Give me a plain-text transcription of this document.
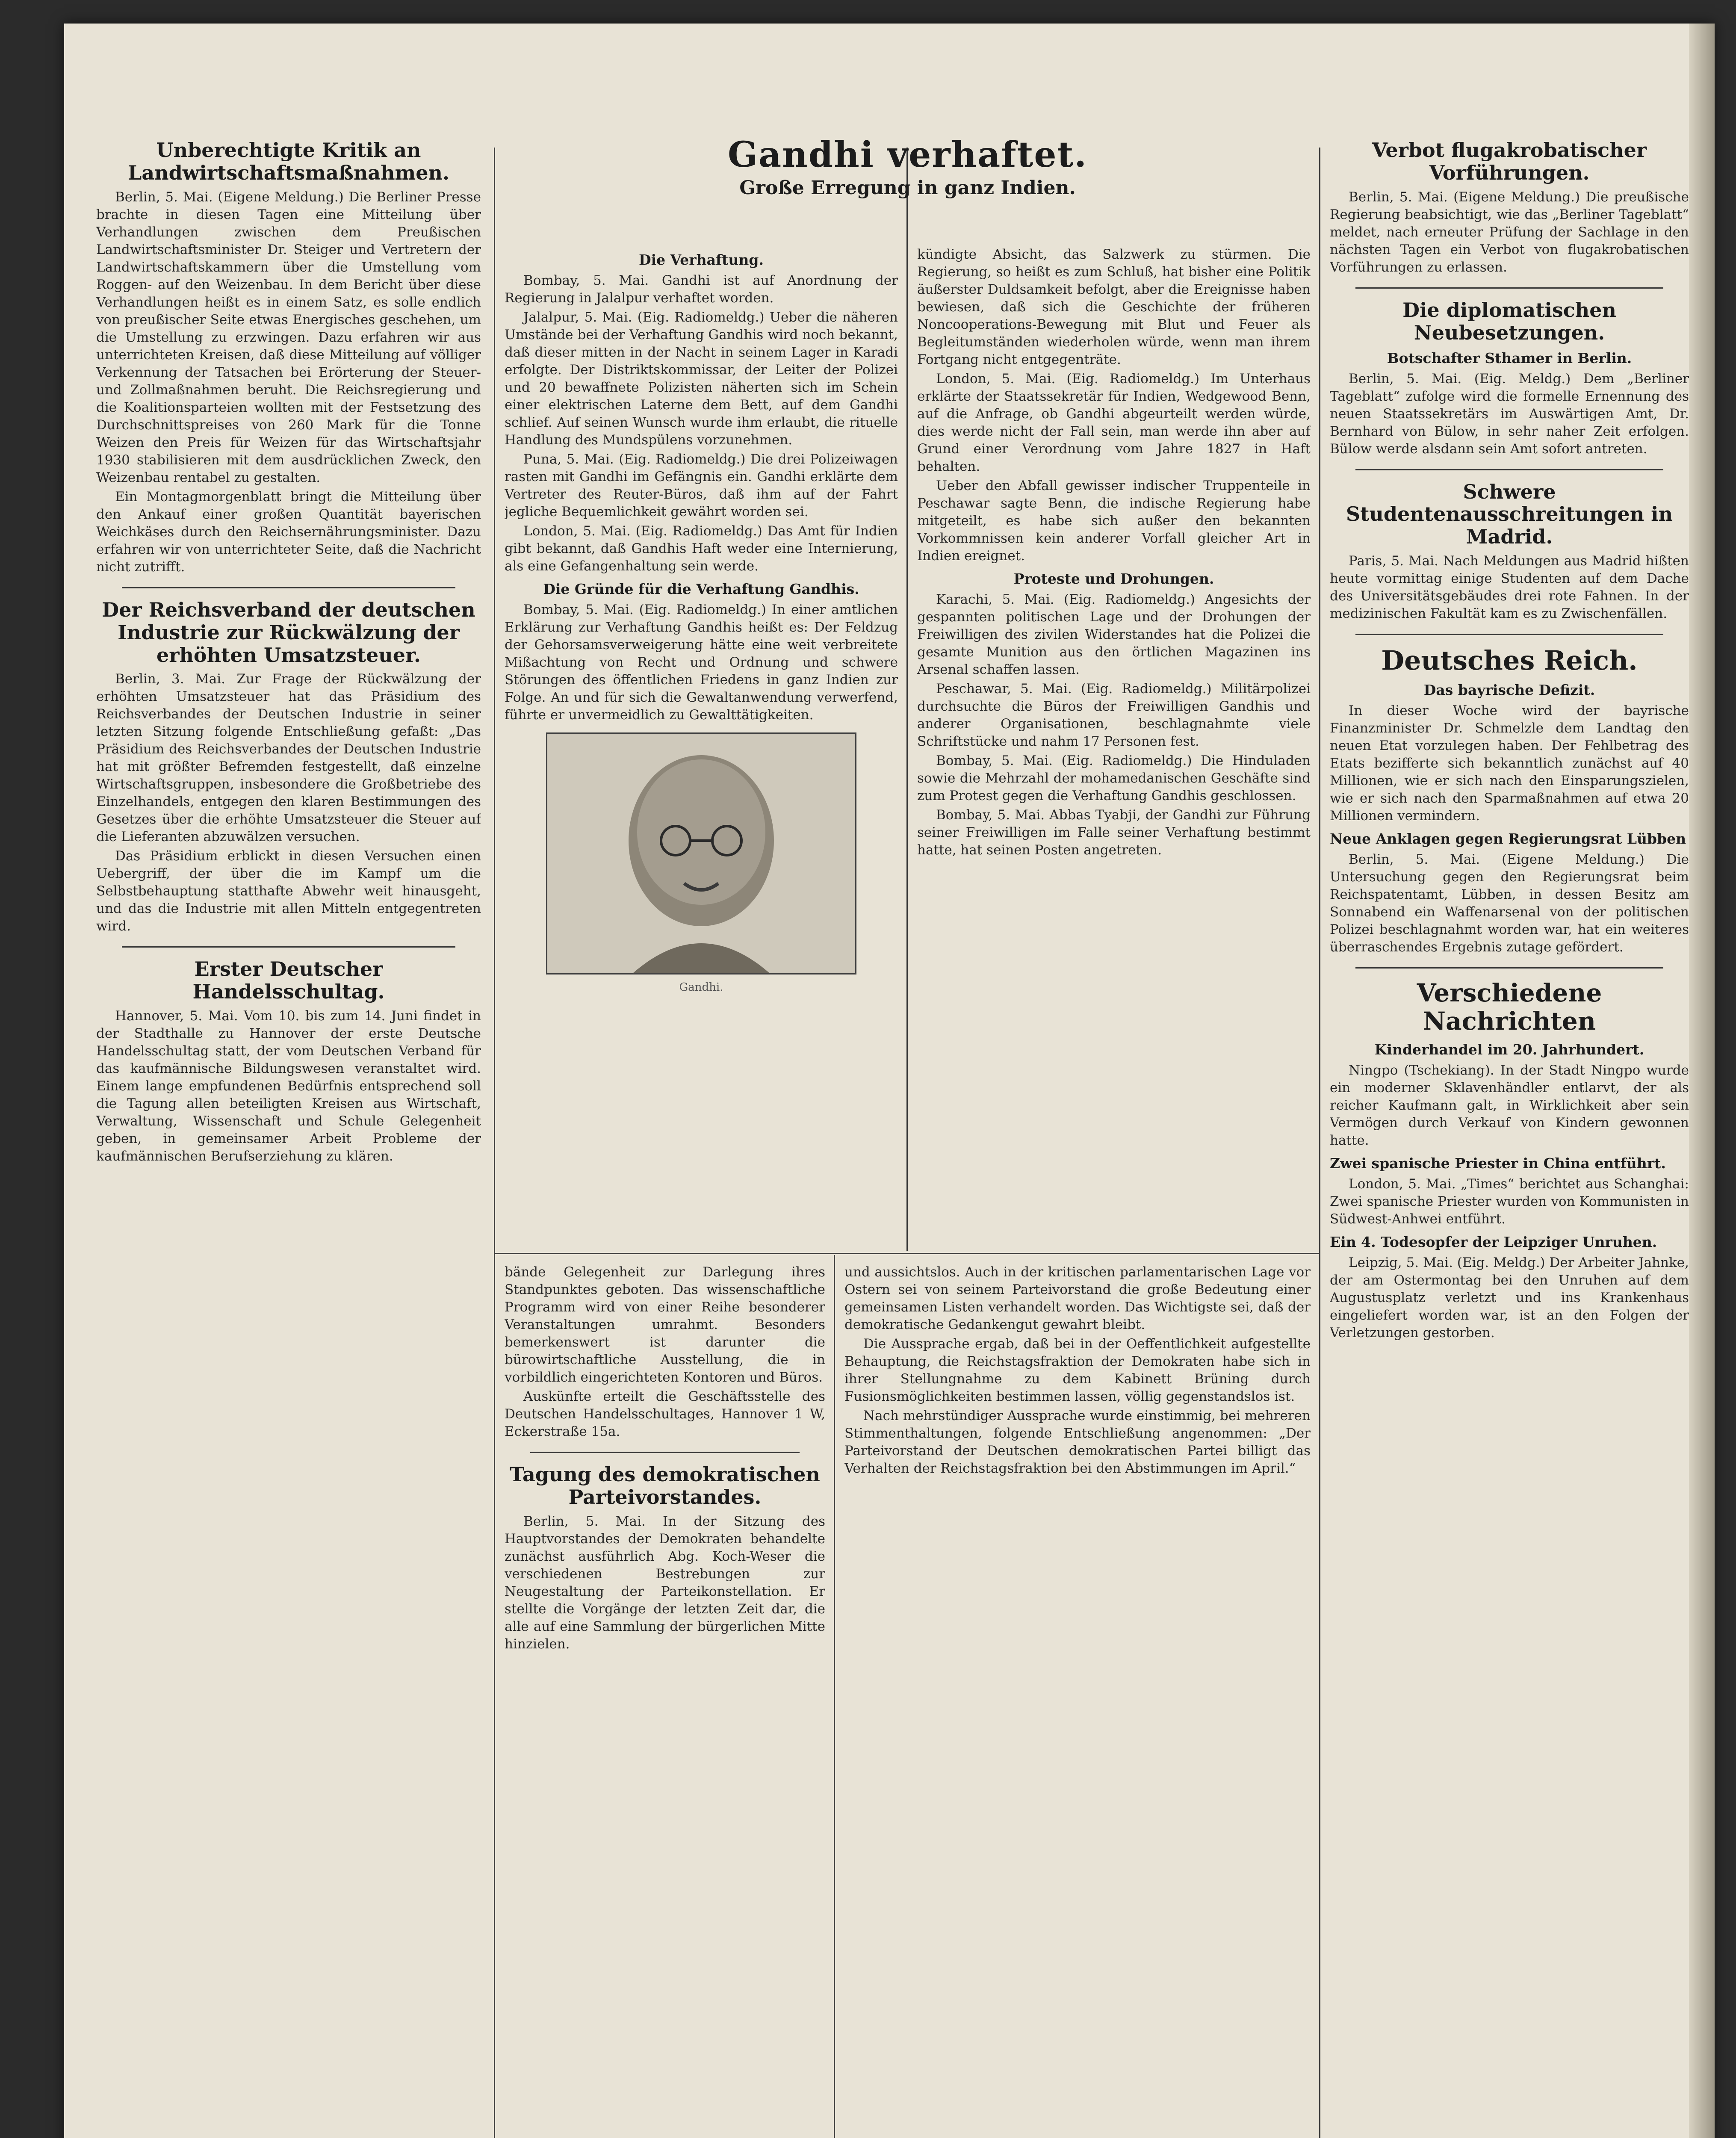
Gandhi verhaftet.
Große Erregung in ganz Indien.
Unberechtigte Kritik an Landwirtschaftsmaßnahmen.

Berlin, 5. Mai. (Eigene Meldung.) Die Berliner Presse brachte in diesen Tagen eine Mitteilung über Verhandlungen zwischen dem Preußischen Landwirtschaftsminister Dr. Steiger und Vertretern der Landwirtschaftskammern über die Umstellung vom Roggen- auf den Weizenbau. In dem Bericht über diese Verhandlungen heißt es in einem Satz, es solle endlich von preußischer Seite etwas Energisches geschehen, um die Umstellung zu erzwingen. Dazu erfahren wir aus unterrichteten Kreisen, daß diese Mitteilung auf völliger Verkennung der Tatsachen bei Erörterung der Steuer- und Zollmaßnahmen beruht. Die Reichsregierung und die Koalitionsparteien wollten mit der Festsetzung des Durchschnittspreises von 260 Mark für die Tonne Weizen den Preis für Weizen für das Wirtschaftsjahr 1930 stabilisieren mit dem ausdrücklichen Zweck, den Weizenbau rentabel zu gestalten.

Ein Montagmorgenblatt bringt die Mitteilung über den Ankauf einer großen Quantität bayerischen Weichkäses durch den Reichsernährungsminister. Dazu erfahren wir von unterrichteter Seite, daß die Nachricht nicht zutrifft.

Der Reichsverband der deutschen Industrie zur Rückwälzung der erhöhten Umsatzsteuer.

Berlin, 3. Mai. Zur Frage der Rückwälzung der erhöhten Umsatzsteuer hat das Präsidium des Reichsverbandes der Deutschen Industrie in seiner letzten Sitzung folgende Entschließung gefaßt: „Das Präsidium des Reichsverbandes der Deutschen Industrie hat mit größter Befremden festgestellt, daß einzelne Wirtschaftsgruppen, insbesondere die Großbetriebe des Einzelhandels, entgegen den klaren Bestimmungen des Gesetzes über die erhöhte Umsatzsteuer die Steuer auf die Lieferanten abzuwälzen versuchen.

Das Präsidium erblickt in diesen Versuchen einen Uebergriff, der über die im Kampf um die Selbstbehauptung statthafte Abwehr weit hinausgeht, und das die Industrie mit allen Mitteln entgegentreten wird.

Erster Deutscher Handelsschultag.

Hannover, 5. Mai. Vom 10. bis zum 14. Juni findet in der Stadthalle zu Hannover der erste Deutsche Handelsschultag statt, der vom Deutschen Verband für das kaufmännische Bildungswesen veranstaltet wird. Einem lange empfundenen Bedürfnis entsprechend soll die Tagung allen beteiligten Kreisen aus Wirtschaft, Verwaltung, Wissenschaft und Schule Gelegenheit geben, in gemeinsamer Arbeit Probleme der kaufmännischen Berufserziehung zu klären.

Die Verhaftung.

Bombay, 5. Mai. Gandhi ist auf Anordnung der Regierung in Jalalpur verhaftet worden.

Jalalpur, 5. Mai. (Eig. Radiomeldg.) Ueber die näheren Umstände bei der Verhaftung Gandhis wird noch bekannt, daß dieser mitten in der Nacht in seinem Lager in Karadi erfolgte. Der Distriktskommissar, der Leiter der Polizei und 20 bewaffnete Polizisten näherten sich im Schein einer elektrischen Laterne dem Bett, auf dem Gandhi schlief. Auf seinen Wunsch wurde ihm erlaubt, die rituelle Handlung des Mundspülens vorzunehmen.

Puna, 5. Mai. (Eig. Radiomeldg.) Die drei Polizeiwagen rasten mit Gandhi im Gefängnis ein. Gandhi erklärte dem Vertreter des Reuter-Büros, daß ihm auf der Fahrt jegliche Bequemlichkeit gewährt worden sei.

London, 5. Mai. (Eig. Radiomeldg.) Das Amt für Indien gibt bekannt, daß Gandhis Haft weder eine Internierung, als eine Gefangenhaltung sein werde.

Die Gründe für die Verhaftung Gandhis.

Bombay, 5. Mai. (Eig. Radiomeldg.) In einer amtlichen Erklärung zur Verhaftung Gandhis heißt es: Der Feldzug der Gehorsamsverweigerung hätte eine weit verbreitete Mißachtung von Recht und Ordnung und schwere Störungen des öffentlichen Friedens in ganz Indien zur Folge. An und für sich die Gewaltanwendung verwerfend, führte er unvermeidlich zu Gewalttätigkeiten.

Gandhi.

kündigte Absicht, das Salzwerk zu stürmen. Die Regierung, so heißt es zum Schluß, hat bisher eine Politik äußerster Duldsamkeit befolgt, aber die Ereignisse haben bewiesen, daß sich die Geschichte der früheren Noncooperations-Bewegung mit Blut und Feuer als Begleitumständen wiederholen würde, wenn man ihrem Fortgang nicht entgegenträte.

London, 5. Mai. (Eig. Radiomeldg.) Im Unterhaus erklärte der Staatssekretär für Indien, Wedgewood Benn, auf die Anfrage, ob Gandhi abgeurteilt werden würde, dies werde nicht der Fall sein, man werde ihn aber auf Grund einer Verordnung vom Jahre 1827 in Haft behalten.

Ueber den Abfall gewisser indischer Truppenteile in Peschawar sagte Benn, die indische Regierung habe mitgeteilt, es habe sich außer den bekannten Vorkommnissen kein anderer Vorfall gleicher Art in Indien ereignet.

Proteste und Drohungen.

Karachi, 5. Mai. (Eig. Radiomeldg.) Angesichts der gespannten politischen Lage und der Drohungen der Freiwilligen des zivilen Widerstandes hat die Polizei die gesamte Munition aus den örtlichen Magazinen ins Arsenal schaffen lassen.

Peschawar, 5. Mai. (Eig. Radiomeldg.) Militärpolizei durchsuchte die Büros der Freiwilligen Gandhis und anderer Organisationen, beschlagnahmte viele Schriftstücke und nahm 17 Personen fest.

Bombay, 5. Mai. (Eig. Radiomeldg.) Die Hinduladen sowie die Mehrzahl der mohamedanischen Geschäfte sind zum Protest gegen die Verhaftung Gandhis geschlossen.

Bombay, 5. Mai. Abbas Tyabji, der Gandhi zur Führung seiner Freiwilligen im Falle seiner Verhaftung bestimmt hatte, hat seinen Posten angetreten.

bände Gelegenheit zur Darlegung ihres Standpunktes geboten. Das wissenschaftliche Programm wird von einer Reihe besonderer Veranstaltungen umrahmt. Besonders bemerkenswert ist darunter die bürowirtschaftliche Ausstellung, die in vorbildlich eingerichteten Kontoren und Büros.

Auskünfte erteilt die Geschäftsstelle des Deutschen Handelsschultages, Hannover 1 W, Eckerstraße 15a.

Tagung des demokratischen Parteivorstandes.

Berlin, 5. Mai. In der Sitzung des Hauptvorstandes der Demokraten behandelte zunächst ausführlich Abg. Koch-Weser die verschiedenen Bestrebungen zur Neugestaltung der Parteikonstellation. Er stellte die Vorgänge der letzten Zeit dar, die alle auf eine Sammlung der bürgerlichen Mitte hinzielen.

und aussichtslos. Auch in der kritischen parlamentarischen Lage vor Ostern sei von seinem Parteivorstand die große Bedeutung einer gemeinsamen Listen verhandelt worden. Das Wichtigste sei, daß der demokratische Gedankengut gewahrt bleibt.

Die Aussprache ergab, daß bei in der Oeffentlichkeit aufgestellte Behauptung, die Reichstagsfraktion der Demokraten habe sich in ihrer Stellungnahme zu dem Kabinett Brüning durch Fusionsmöglichkeiten bestimmen lassen, völlig gegenstandslos ist.

Nach mehrstündiger Aussprache wurde einstimmig, bei mehreren Stimmenthaltungen, folgende Entschließung angenommen: „Der Parteivorstand der Deutschen demokratischen Partei billigt das Verhalten der Reichstagsfraktion bei den Abstimmungen im April.“

Verbot flugakrobatischer Vorführungen.

Berlin, 5. Mai. (Eigene Meldung.) Die preußische Regierung beabsichtigt, wie das „Berliner Tageblatt“ meldet, nach erneuter Prüfung der Sachlage in den nächsten Tagen ein Verbot von flugakrobatischen Vorführungen zu erlassen.

Die diplomatischen Neubesetzungen.
Botschafter Sthamer in Berlin.

Berlin, 5. Mai. (Eig. Meldg.) Dem „Berliner Tageblatt“ zufolge wird die formelle Ernennung des neuen Staatssekretärs im Auswärtigen Amt, Dr. Bernhard von Bülow, in sehr naher Zeit erfolgen. Bülow werde alsdann sein Amt sofort antreten.

Schwere Studentenausschreitungen in Madrid.

Paris, 5. Mai. Nach Meldungen aus Madrid hißten heute vormittag einige Studenten auf dem Dache des Universitätsgebäudes drei rote Fahnen. In der medizinischen Fakultät kam es zu Zwischenfällen.

Deutsches Reich.
Das bayrische Defizit.

In dieser Woche wird der bayrische Finanzminister Dr. Schmelzle dem Landtag den neuen Etat vorzulegen haben. Der Fehlbetrag des Etats bezifferte sich bekanntlich zunächst auf 40 Millionen, wie er sich nach den Einsparungszielen, wie er sich nach den Sparmaßnahmen auf etwa 20 Millionen vermindern.

Neue Anklagen gegen Regierungsrat Lübben

Berlin, 5. Mai. (Eigene Meldung.) Die Untersuchung gegen den Regierungsrat beim Reichspatentamt, Lübben, in dessen Besitz am Sonnabend ein Waffenarsenal von der politischen Polizei beschlagnahmt worden war, hat ein weiteres überraschendes Ergebnis zutage gefördert.

Verschiedene Nachrichten
Kinderhandel im 20. Jahrhundert.

Ningpo (Tschekiang). In der Stadt Ningpo wurde ein moderner Sklavenhändler entlarvt, der als reicher Kaufmann galt, in Wirklichkeit aber sein Vermögen durch Verkauf von Kindern gewonnen hatte.

Zwei spanische Priester in China entführt.

London, 5. Mai. „Times“ berichtet aus Schanghai: Zwei spanische Priester wurden von Kommunisten in Südwest-Anhwei entführt.

Ein 4. Todesopfer der Leipziger Unruhen.

Leipzig, 5. Mai. (Eig. Meldg.) Der Arbeiter Jahnke, der am Ostermontag bei den Unruhen auf dem Augustusplatz verletzt und ins Krankenhaus eingeliefert worden war, ist an den Folgen der Verletzungen gestorben.
